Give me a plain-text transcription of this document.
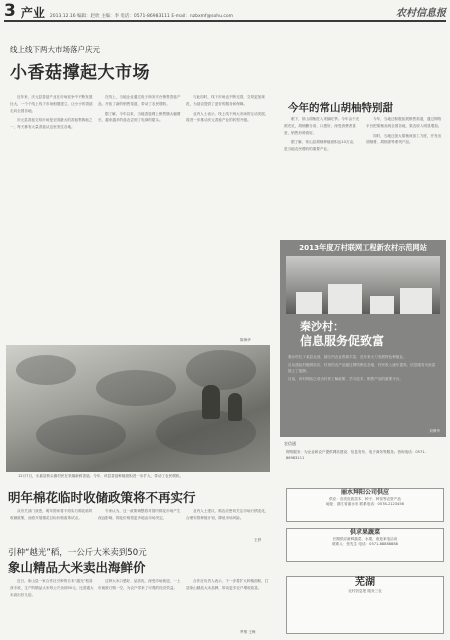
3 产业 2013.12.16 编辑：赵欣 主编：李 电话：0571-86983111 E-mail：nzbxmf@sohu.com	农村信息报
线上线下两大市场落户庆元
小香菇撑起大市场

近年来，庆元县香菇产业在市场竞争中不断发展壮大，一个个线上线下市场相继建立，让小小的香菇走向全国各地。

庆元县香菇交易市场是全国最大的香菇集散地之一，每天都有大量香菇从这里发往各地。

在线上，当地企业通过电子商务平台销售香菇产品，开拓了新的销售渠道，带动了农民增收。

据了解，今年以来，当地香菇网上销售额大幅增长，越来越多的菇农尝到了电商的甜头。

与此同时，线下市场也不断完善，交易更加规范，为菇农提供了更好的服务和保障。

业内人士表示，线上线下两大市场的互动发展，将进一步推动庆元香菇产业的转型升级。

陈海华
12月7日，永嘉县桥头镇村民在采摘新鲜香菇。今年，该县香菇种植面积进一步扩大，带动了农民增收。
明年棉花临时收储政策将不再实行

从有关部门获悉，明年国家将不再实行棉花临时收储政策，而将开展棉花目标价格改革试点。

专家认为，这一政策调整将对国内棉花市场产生深远影响，棉花价格将更多地由市场决定。

业内人士建议，棉农应密切关注市场行情变化，合理安排种植计划，降低市场风险。

王舒
引种“越光”稻，一公斤大米卖到50元
象山精品大米卖出海鲜价

近日，象山县一家合作社引种的日本“越光”稻喜获丰收，生产的精品大米每公斤卖到50元，比普通大米高出好几倍。

这种大米口感好、品质优，深受市场欢迎，一上市就被订购一空，为农户带来了可观的经济效益。

合作社负责人表示，下一步将扩大种植面积，打造象山精品大米品牌，带动更多农户增收致富。

罗维 王梅
今年的常山胡柚特别甜

眼下，常山胡柚进入采摘旺季。今年由于光照充足，胡柚糖分高、口感好，深受消费者喜爱，销售形势看好。

据了解，常山县胡柚种植面积达10万亩，是当地农民增收的重要产业。

今年，当地还积极拓展销售渠道，通过网络平台把胡柚卖到全国各地，果农收入明显增加。

同时，当地还加大胡柚深加工力度，开发出胡柚膏、胡柚茶等系列产品。

2013年度万村联网工程新农村示范网站
秦沙村：
信息服务促致富

秦沙村位于某县北部，辖区内农业资源丰富，近年来大力发展特色种植业。

自从建起村级网站后，村里的农产品通过网络销往各地，村民收入逐年提高，信息服务为致富插上了翅膀。

目前，该村网站已成为村民了解政策、学习技术、销售产品的重要平台。

刘博华
农信通
网络服务：为企业和农户提供网站建设、信息发布、电子商务等服务。咨询电话：0571-86983111
丽水拜阳公司供应
供应：各类优质苗木、种子、种苗等农资产品
地址：浙江省丽水市 联系电话：0578-2123456
供求果蔬菜
长期供应新鲜蔬菜、水果，欢迎来电洽谈
联系人：张先生 电话：0571-88888888
芜湖
农村信息报 服务三农
